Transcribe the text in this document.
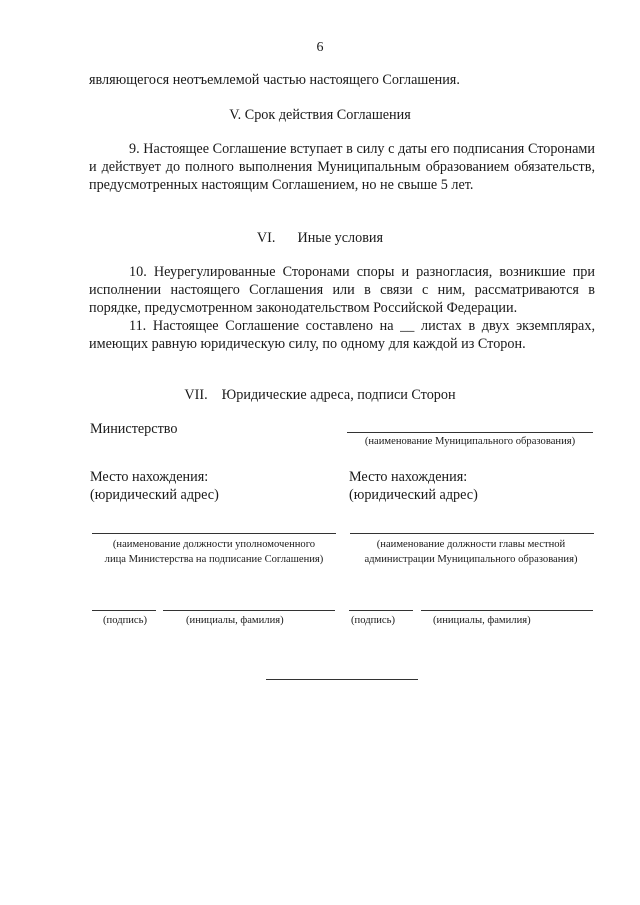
6
являющегося неотъемлемой частью настоящего Соглашения.
V. Срок действия Соглашения
9. Настоящее Соглашение вступает в силу с даты его подписания Сторонами и действует до полного выполнения Муниципальным образованием обязательств, предусмотренных настоящим Соглашением, но не свыше 5 лет.
VI. Иные условия
10. Неурегулированные Сторонами споры и разногласия, возникшие при исполнении настоящего Соглашения или в связи с ним, рассматриваются в порядке, предусмотренном законодательством Российской Федерации.
11. Настоящее Соглашение составлено на __ листах в двух экземплярах, имеющих равную юридическую силу, по одному для каждой из Сторон.
VII. Юридические адреса, подписи Сторон
Министерство
Место нахождения:
(юридический адрес)
(наименование должности уполномоченного
лица Министерства на подписание Соглашения)
(подпись)	(инициалы, фамилия)
(наименование Муниципального образования)
Место нахождения:
(юридический адрес)
(наименование должности главы местной
администрации Муниципального образования)
(подпись)	(инициалы, фамилия)
